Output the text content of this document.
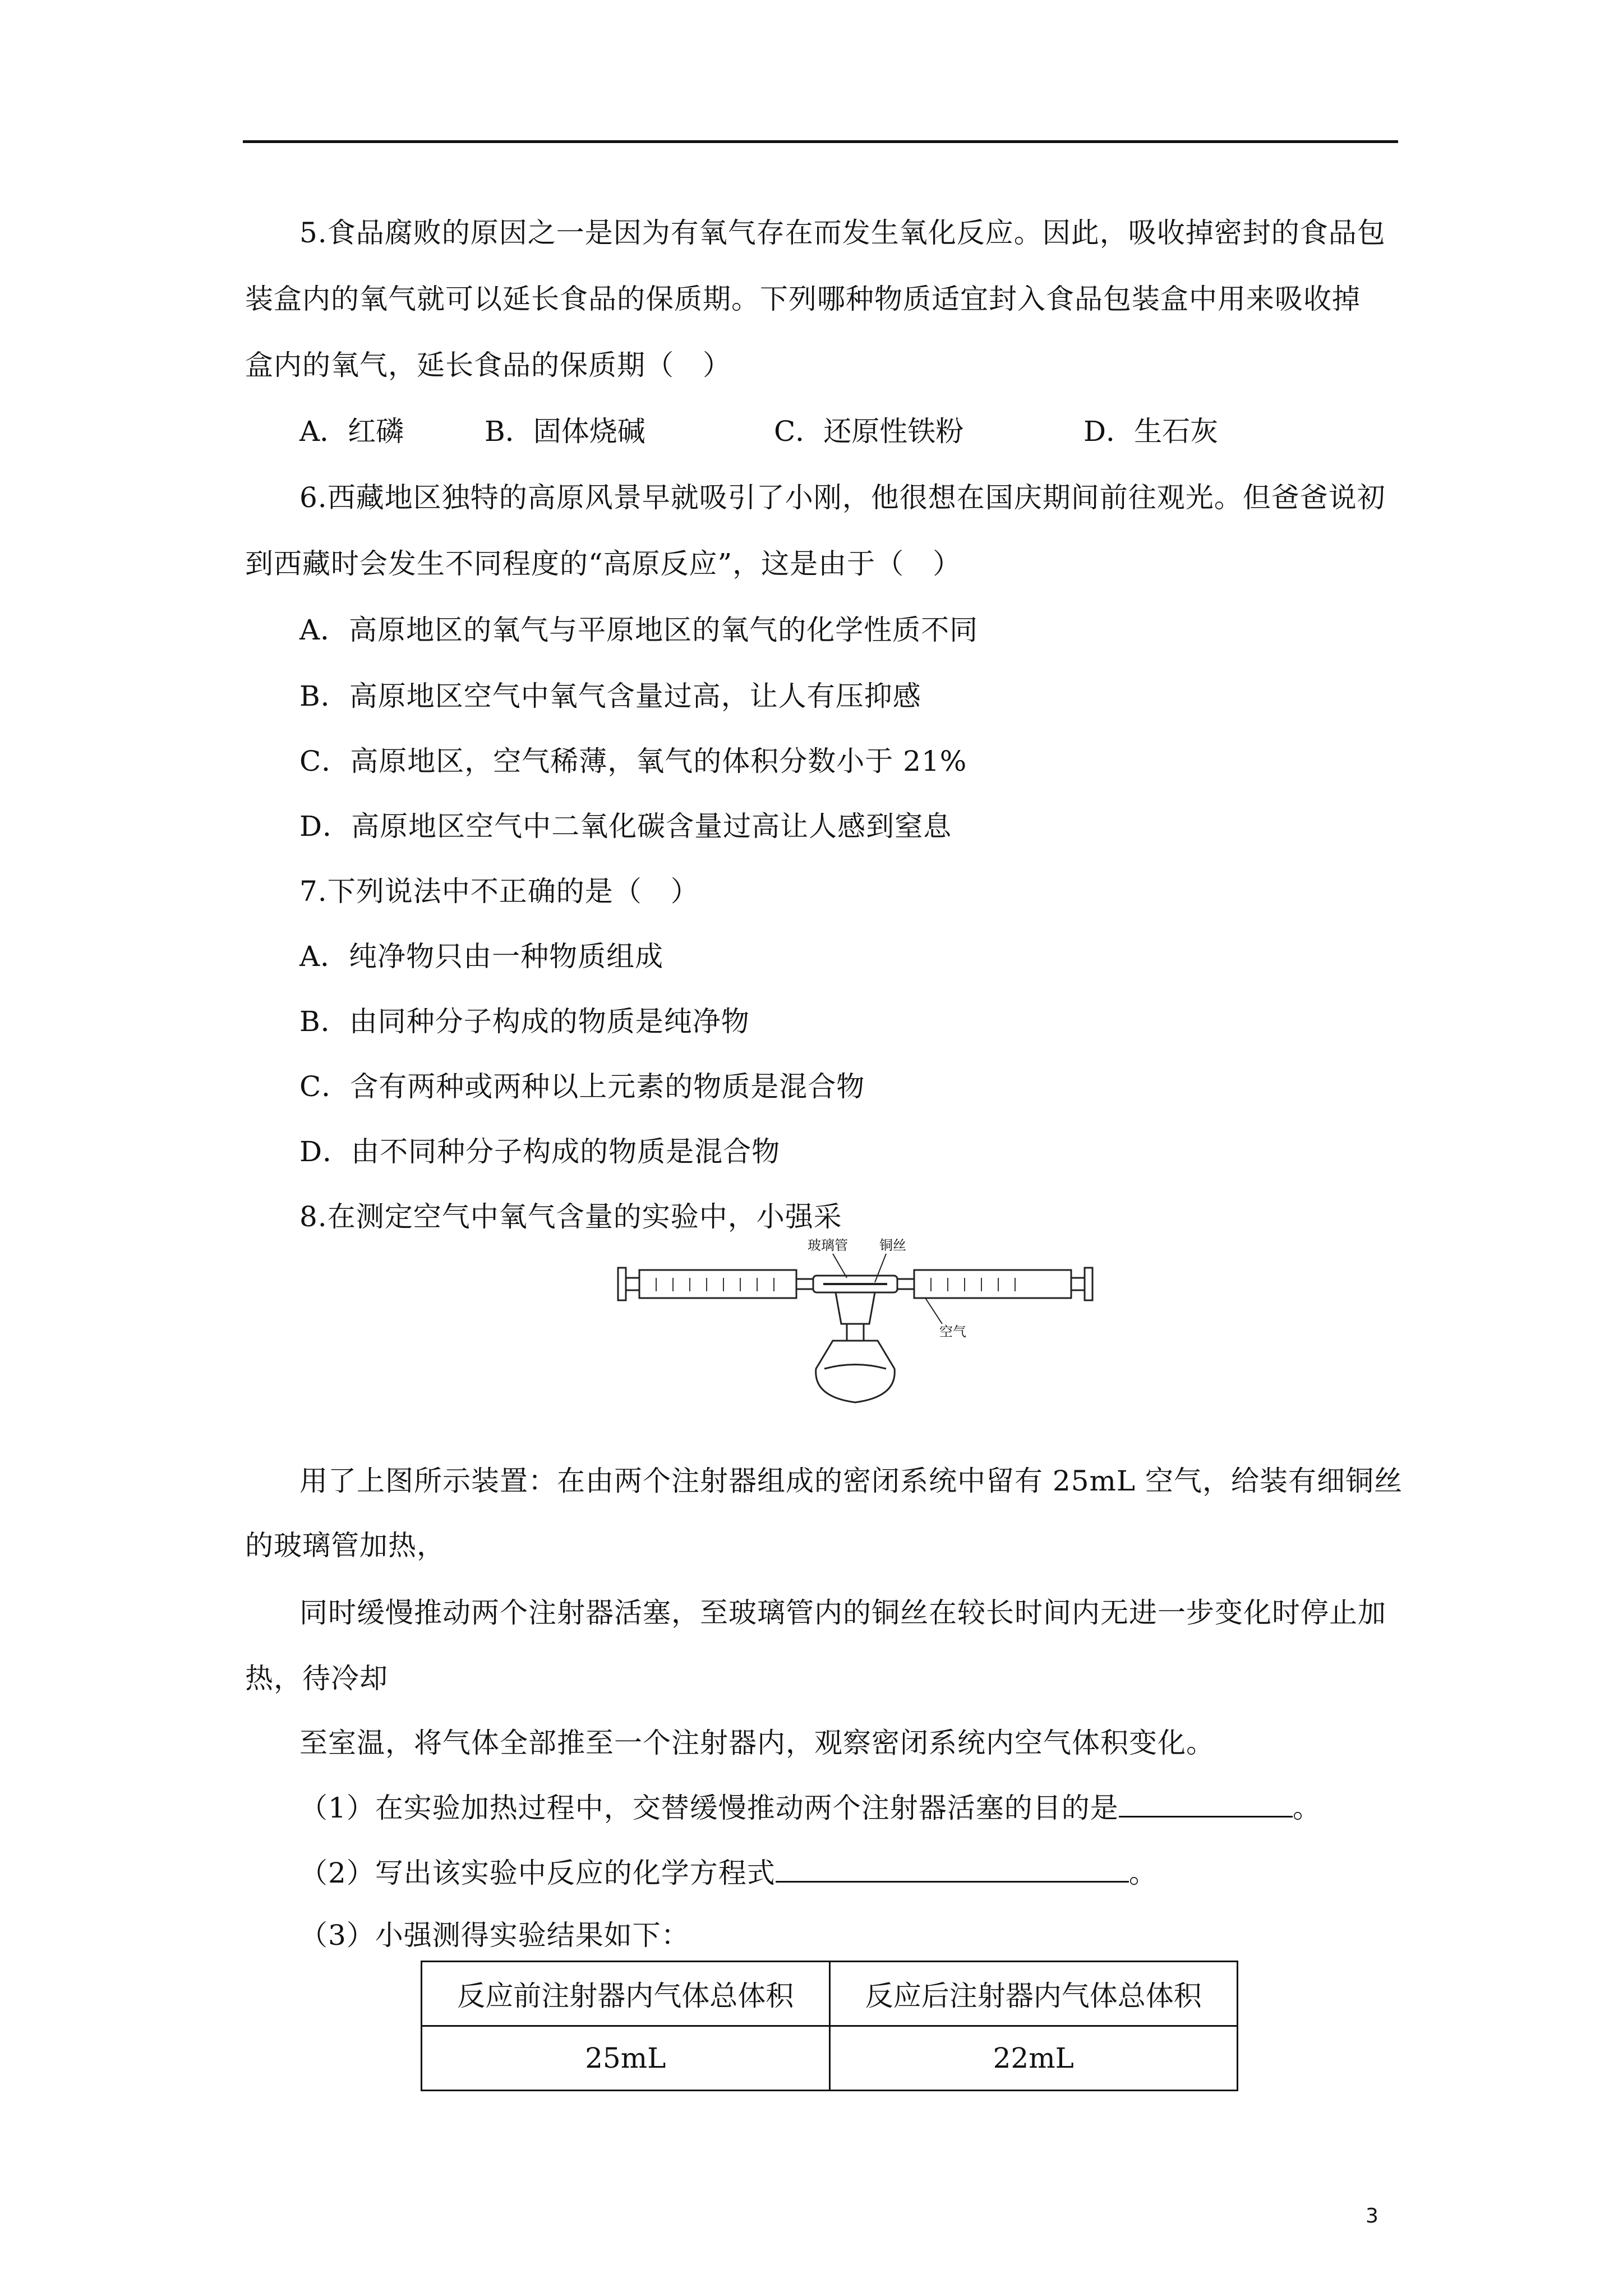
5.食品腐败的原因之一是因为有氧气存在而发生氧化反应。因此，吸收掉密封的食品包
装盒内的氧气就可以延长食品的保质期。下列哪种物质适宜封入食品包装盒中用来吸收掉
盒内的氧气，延长食品的保质期（　）
A．红磷	B．固体烧碱	C．还原性铁粉	D．生石灰
6.西藏地区独特的高原风景早就吸引了小刚，他很想在国庆期间前往观光。但爸爸说初
到西藏时会发生不同程度的“高原反应”，这是由于（　）
A．高原地区的氧气与平原地区的氧气的化学性质不同
B．高原地区空气中氧气含量过高，让人有压抑感
C．高原地区，空气稀薄，氧气的体积分数小于 21%
D．高原地区空气中二氧化碳含量过高让人感到窒息
7.下列说法中不正确的是（　）
A．纯净物只由一种物质组成
B．由同种分子构成的物质是纯净物
C．含有两种或两种以上元素的物质是混合物
D．由不同种分子构成的物质是混合物
8.在测定空气中氧气含量的实验中，小强采
玻璃管 铜丝
空气
用了上图所示装置：在由两个注射器组成的密闭系统中留有 25mL 空气，给装有细铜丝
的玻璃管加热，
同时缓慢推动两个注射器活塞，至玻璃管内的铜丝在较长时间内无进一步变化时停止加
热，待冷却
至室温，将气体全部推至一个注射器内，观察密闭系统内空气体积变化。
（1）在实验加热过程中，交替缓慢推动两个注射器活塞的目的是	。
（2）写出该实验中反应的化学方程式	。
（3）小强测得实验结果如下：
反应前注射器内气体总体积	反应后注射器内气体总体积
25mL	22mL
3
